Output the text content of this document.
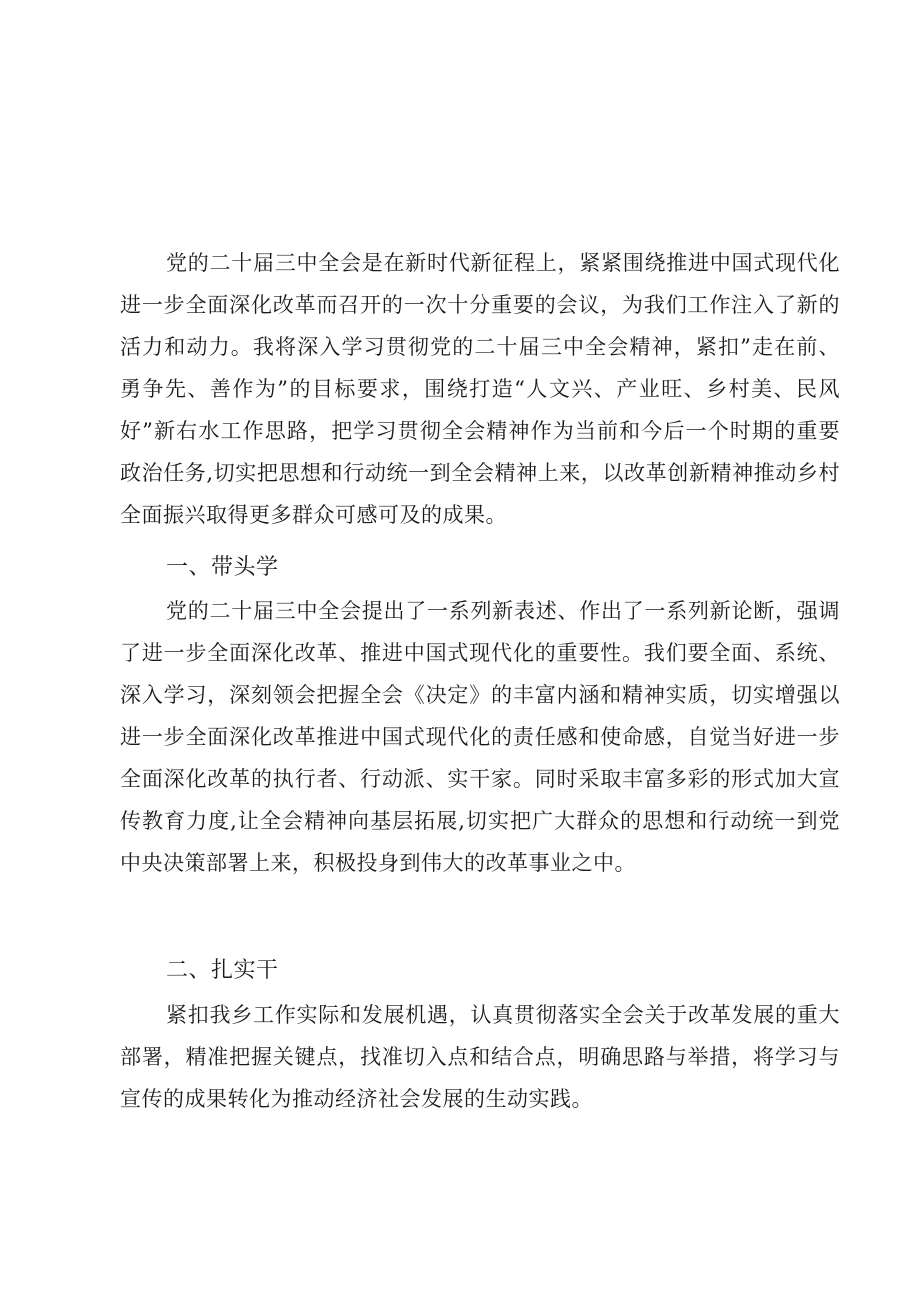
党的二十届三中全会是在新时代新征程上，紧紧围绕推进中国式现代化进一步全面深化改革而召开的一次十分重要的会议，为我们工作注入了新的活力和动力。我将深入学习贯彻党的二十届三中全会精神，紧扣”走在前、勇争先、善作为”的目标要求，围绕打造“人文兴、产业旺、乡村美、民风好”新右水工作思路，把学习贯彻全会精神作为当前和今后一个时期的重要政治任务,切实把思想和行动统一到全会精神上来，以改革创新精神推动乡村全面振兴取得更多群众可感可及的成果。

一、带头学

党的二十届三中全会提出了一系列新表述、作出了一系列新论断，强调了进一步全面深化改革、推进中国式现代化的重要性。我们要全面、系统、深入学习，深刻领会把握全会《决定》的丰富内涵和精神实质，切实增强以进一步全面深化改革推进中国式现代化的责任感和使命感，自觉当好进一步全面深化改革的执行者、行动派、实干家。同时采取丰富多彩的形式加大宣传教育力度,让全会精神向基层拓展,切实把广大群众的思想和行动统一到党中央决策部署上来，积极投身到伟大的改革事业之中。

二、扎实干

紧扣我乡工作实际和发展机遇，认真贯彻落实全会关于改革发展的重大部署，精准把握关键点，找准切入点和结合点，明确思路与举措，将学习与宣传的成果转化为推动经济社会发展的生动实践。
